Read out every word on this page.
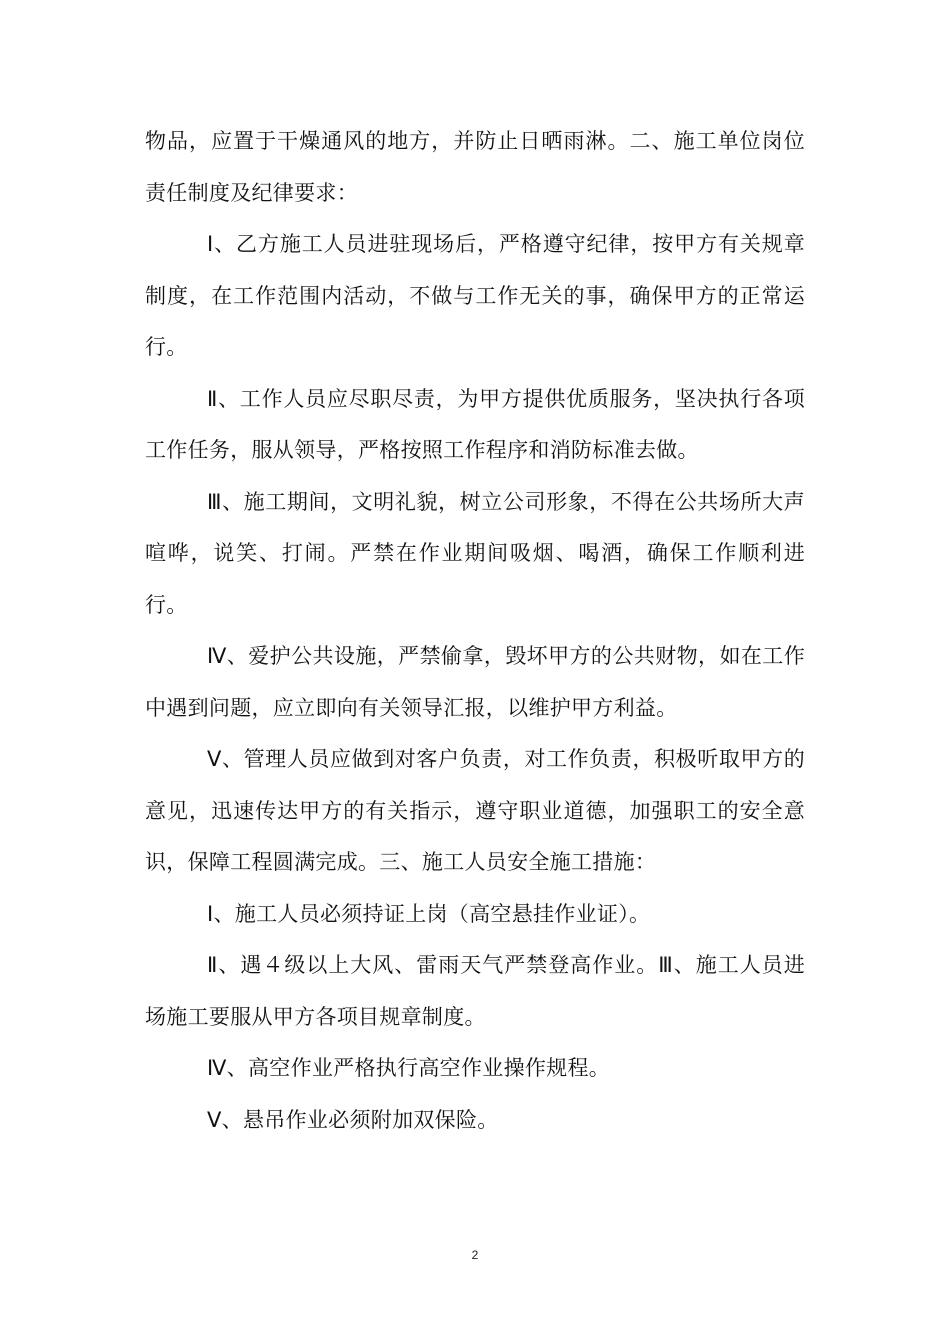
物品，应置于干燥通风的地方，并防止日晒雨淋。二、施工单位岗位责任制度及纪律要求：

Ⅰ、乙方施工人员进驻现场后，严格遵守纪律，按甲方有关规章制度，在工作范围内活动，不做与工作无关的事，确保甲方的正常运行。

Ⅱ、工作人员应尽职尽责，为甲方提供优质服务，坚决执行各项工作任务，服从领导，严格按照工作程序和消防标准去做。

Ⅲ、施工期间，文明礼貌，树立公司形象，不得在公共场所大声喧哗，说笑、打闹。严禁在作业期间吸烟、喝酒，确保工作顺利进行。

Ⅳ、爱护公共设施，严禁偷拿，毁坏甲方的公共财物，如在工作中遇到问题，应立即向有关领导汇报，以维护甲方利益。

Ⅴ、管理人员应做到对客户负责，对工作负责，积极听取甲方的意见，迅速传达甲方的有关指示，遵守职业道德，加强职工的安全意识，保障工程圆满完成。三、施工人员安全施工措施：

Ⅰ、施工人员必须持证上岗（高空悬挂作业证）。

Ⅱ、遇４级以上大风、雷雨天气严禁登高作业。Ⅲ、施工人员进场施工要服从甲方各项目规章制度。

Ⅳ、高空作业严格执行高空作业操作规程。

Ⅴ、悬吊作业必须附加双保险。

2
